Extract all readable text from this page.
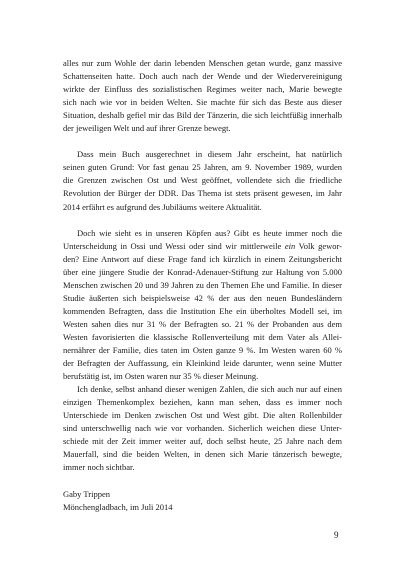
alles nur zum Wohle der darin lebenden Menschen getan wurde, ganz massive
Schattenseiten hatte. Doch auch nach der Wende und der Wiedervereinigung
wirkte der Einfluss des sozialistischen Regimes weiter nach, Marie bewegte
sich nach wie vor in beiden Welten. Sie machte für sich das Beste aus dieser
Situation, deshalb gefiel mir das Bild der Tänzerin, die sich leichtfüßig innerhalb
der jeweiligen Welt und auf ihrer Grenze bewegt.
Dass mein Buch ausgerechnet in diesem Jahr erscheint, hat natürlich
seinen guten Grund: Vor fast genau 25 Jahren, am 9. November 1989, wurden
die Grenzen zwischen Ost und West geöffnet, vollendete sich die friedliche
Revolution der Bürger der DDR. Das Thema ist stets präsent gewesen, im Jahr
2014 erfährt es aufgrund des Jubiläums weitere Aktualität.
Doch wie sieht es in unseren Köpfen aus? Gibt es heute immer noch die
Unterscheidung in Ossi und Wessi oder sind wir mittlerweile ein Volk gewor-
den? Eine Antwort auf diese Frage fand ich kürzlich in einem Zeitungsbericht
über eine jüngere Studie der Konrad-Adenauer-Stiftung zur Haltung von 5.000
Menschen zwischen 20 und 39 Jahren zu den Themen Ehe und Familie. In dieser
Studie äußerten sich beispielsweise 42 % der aus den neuen Bundesländern
kommenden Befragten, dass die Institution Ehe ein überholtes Modell sei, im
Westen sahen dies nur 31 % der Befragten so. 21 % der Probanden aus dem
Westen favorisierten die klassische Rollenverteilung mit dem Vater als Allei-
nernährer der Familie, dies taten im Osten ganze 9 %. Im Westen waren 60 %
der Befragten der Auffassung, ein Kleinkind leide darunter, wenn seine Mutter
berufstätig ist, im Osten waren nur 35 % dieser Meinung.
Ich denke, selbst anhand dieser wenigen Zahlen, die sich auch nur auf einen
einzigen Themenkomplex beziehen, kann man sehen, dass es immer noch
Unterschiede im Denken zwischen Ost und West gibt. Die alten Rollenbilder
sind unterschwellig nach wie vor vorhanden. Sicherlich weichen diese Unter-
schiede mit der Zeit immer weiter auf, doch selbst heute, 25 Jahre nach dem
Mauerfall, sind die beiden Welten, in denen sich Marie tänzerisch bewegte,
immer noch sichtbar.
Gaby Trippen
Mönchengladbach, im Juli 2014
9
